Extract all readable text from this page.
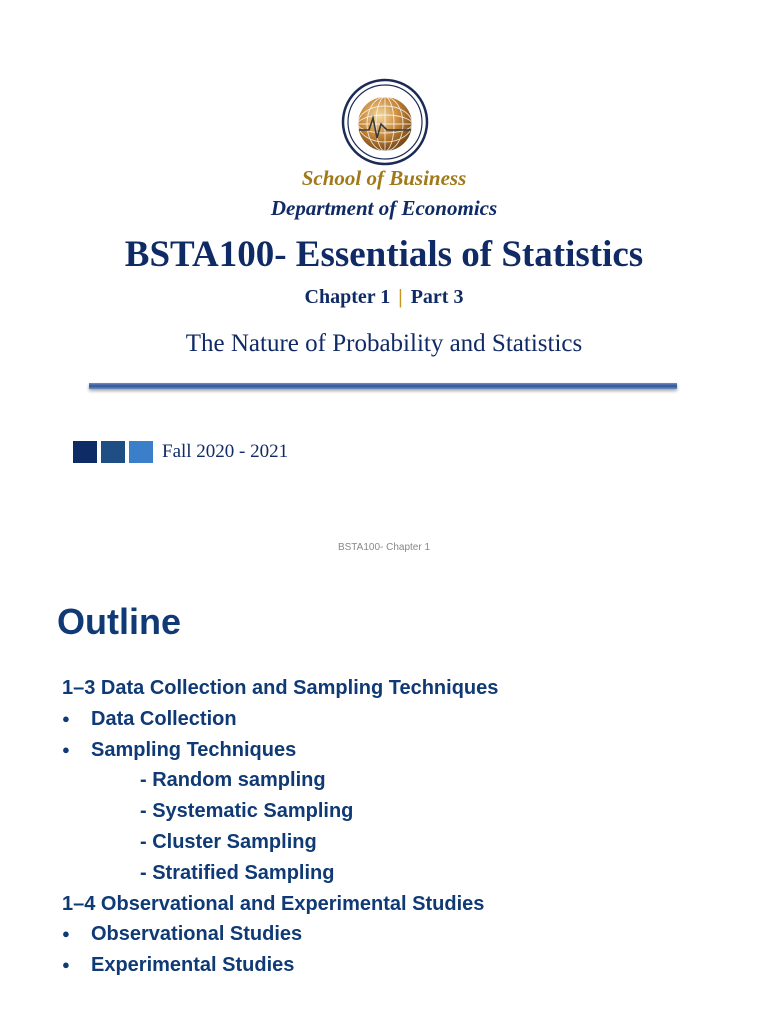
School of Business
Department of Economics
BSTA100- Essentials of Statistics
Chapter 1 | Part 3
The Nature of Probability and Statistics
Fall 2020 - 2021
BSTA100- Chapter 1
Outline
1–3 Data Collection and Sampling Techniques
● Data Collection
● Sampling Techniques
- Random sampling
- Systematic Sampling
- Cluster Sampling
- Stratified Sampling
1–4 Observational and Experimental Studies
● Observational Studies
● Experimental Studies
